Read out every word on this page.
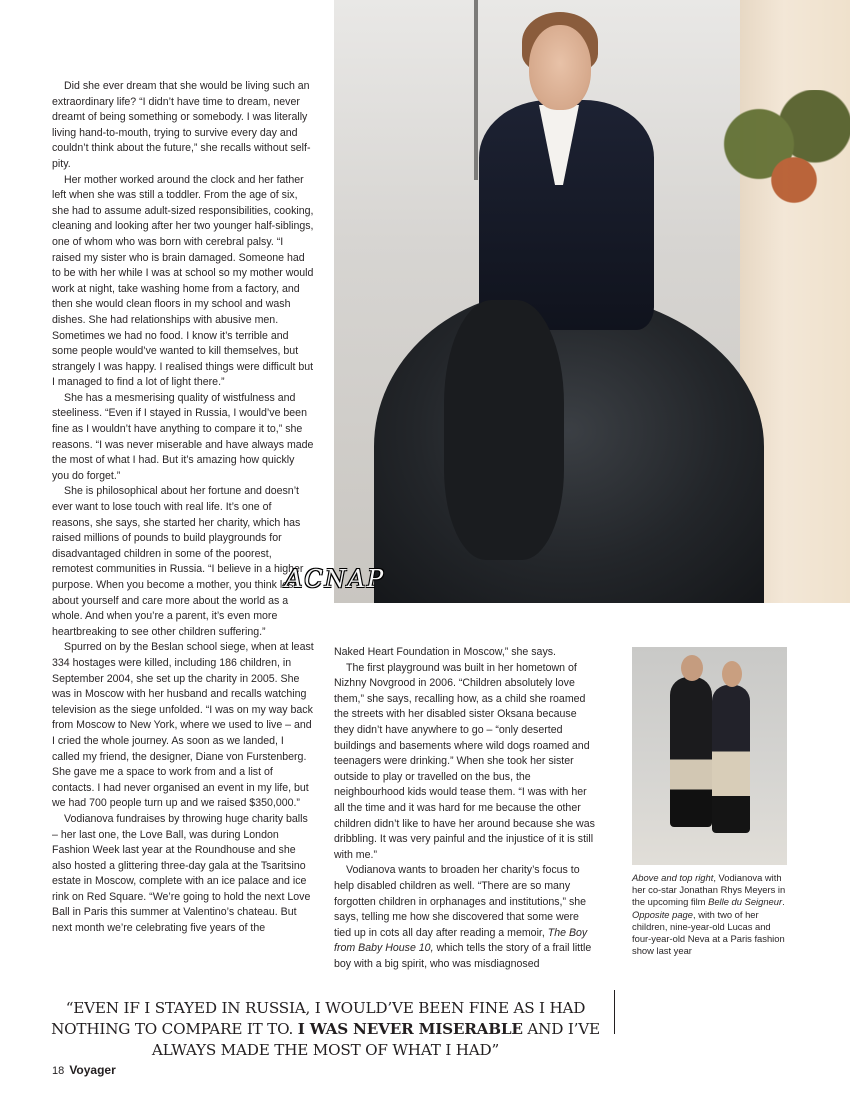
Did she ever dream that she would be living such an extraordinary life? “I didn’t have time to dream, never dreamt of being something or somebody. I was literally living hand-to-mouth, trying to survive every day and couldn’t think about the future,” she recalls without self-pity.

Her mother worked around the clock and her father left when she was still a toddler. From the age of six, she had to assume adult-sized responsibilities, cooking, cleaning and looking after her two younger half-siblings, one of whom who was born with cerebral palsy. “I raised my sister who is brain damaged. Someone had to be with her while I was at school so my mother would work at night, take washing home from a factory, and then she would clean floors in my school and wash dishes. She had relationships with abusive men. Sometimes we had no food. I know it’s terrible and some people would’ve wanted to kill themselves, but strangely I was happy. I realised things were difficult but I managed to find a lot of light there.”

She has a mesmerising quality of wistfulness and steeliness. “Even if I stayed in Russia, I would’ve been fine as I wouldn’t have anything to compare it to,” she reasons. “I was never miserable and have always made the most of what I had. But it’s amazing how quickly you do forget.”

She is philosophical about her fortune and doesn’t ever want to lose touch with real life. It’s one of reasons, she says, she started her charity, which has raised millions of pounds to build playgrounds for disadvantaged children in some of the poorest, remotest communities in Russia. “I believe in a higher purpose. When you become a mother, you think less about yourself and care more about the world as a whole. And when you’re a parent, it’s even more heartbreaking to see other children suffering.”

Spurred on by the Beslan school siege, when at least 334 hostages were killed, including 186 children, in September 2004, she set up the charity in 2005. She was in Moscow with her husband and recalls watching television as the siege unfolded. “I was on my way back from Moscow to New York, where we used to live – and I cried the whole journey. As soon as we landed, I called my friend, the designer, Diane von Furstenberg. She gave me a space to work from and a list of contacts. I had never organised an event in my life, but we had 700 people turn up and we raised $350,000.”

Vodianova fundraises by throwing huge charity balls – her last one, the Love Ball, was during London Fashion Week last year at the Roundhouse and she also hosted a glittering three-day gala at the Tsaritsino estate in Moscow, complete with an ice palace and ice rink on Red Square. “We’re going to hold the next Love Ball in Paris this summer at Valentino’s chateau. But next month we’re celebrating five years of the

ACNAP

Naked Heart Foundation in Moscow,” she says.

The first playground was built in her hometown of Nizhny Novgrood in 2006. “Children absolutely love them,” she says, recalling how, as a child she roamed the streets with her disabled sister Oksana because they didn’t have anywhere to go – “only deserted buildings and basements where wild dogs roamed and teenagers were drinking.” When she took her sister outside to play or travelled on the bus, the neighbourhood kids would tease them. “I was with her all the time and it was hard for me because the other children didn’t like to have her around because she was dribbling. It was very painful and the injustice of it is still with me.”

Vodianova wants to broaden her charity’s focus to help disabled children as well. “There are so many forgotten children in orphanages and institutions,” she says, telling me how she discovered that some were tied up in cots all day after reading a memoir, The Boy from Baby House 10, which tells the story of a frail little boy with a big spirit, who was misdiagnosed

Above and top right, Vodianova with her co-star Jonathan Rhys Meyers in the upcoming film Belle du Seigneur. Opposite page, with two of her children, nine-year-old Lucas and four-year-old Neva at a Paris fashion show last year
“EVEN IF I STAYED IN RUSSIA, I WOULD’VE BEEN FINE AS I HAD NOTHING TO COMPARE IT TO. I WAS NEVER MISERABLE AND I’VE ALWAYS MADE THE MOST OF WHAT I HAD”
18 Voyager
